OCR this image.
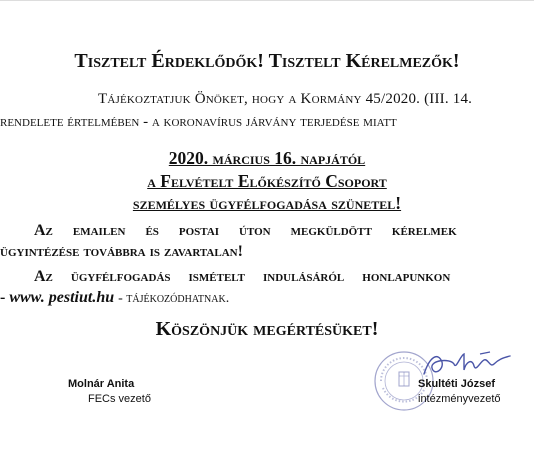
Tisztelt Érdeklődők! Tisztelt Kérelmezők!
Tájékoztatjuk Önöket, hogy a Kormány 45/2020. (III. 14.
rendelete értelmében - a koronavírus járvány terjedése miatt
2020. március 16. napjától
a Felvételt Előkészítő Csoport
személyes ügyfélfogadása szünetel!
Az emailen és postai úton megküldött kérelmek
ügyintézése továbbra is zavartalan!
Az ügyfélfogadás ismételt indulásáról honlapunkon
- www. pestiut.hu - tájékozódhatnak.
Köszönjük megértésüket!
Molnár Anita
FECs vezető
Skultéti József
intézményvezető
